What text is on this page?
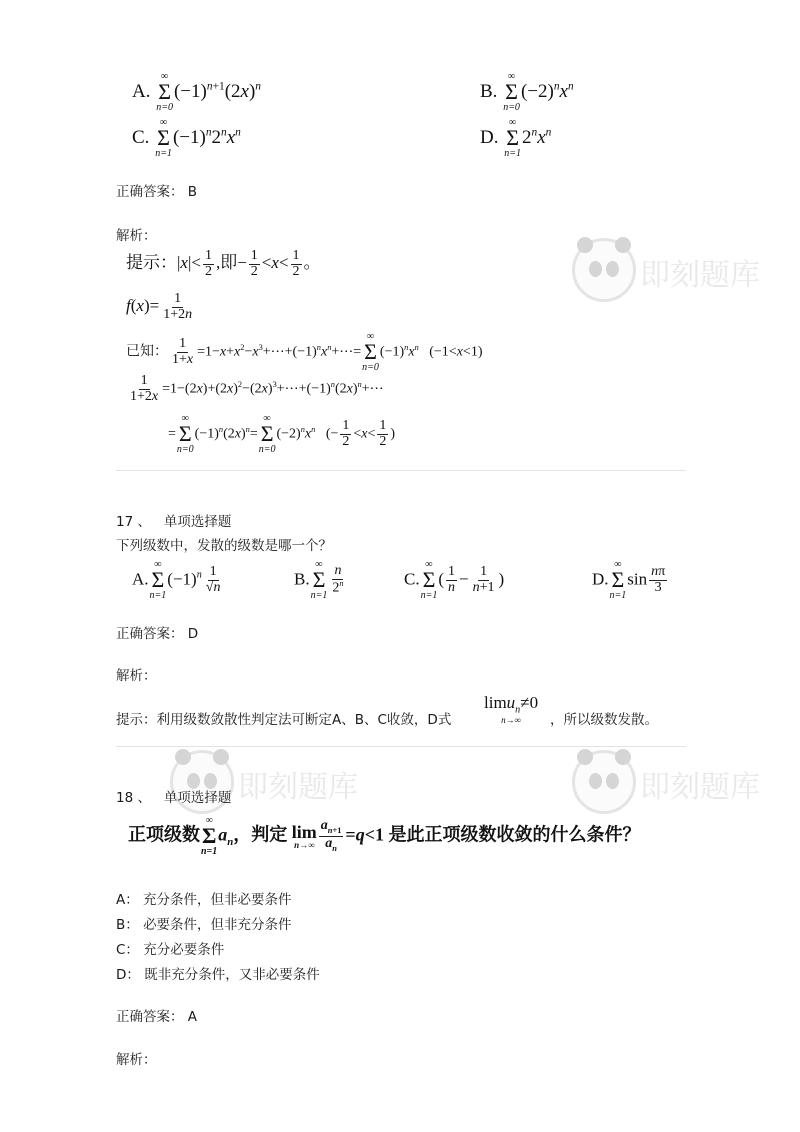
即刻题库
即刻题库	即刻题库
A.
∞
Σ
n=0
$(-1)^{n+1}(2x)^n$	B.
∞
Σ
n=0
$(-2)^nx^n$
C.
∞
Σ
n=1
$(-1)^n2^nx^n$	D.
∞
Σ
n=1
$2^nx^n$
正确答案： B
解析：
提示：$|x|< \frac{1}{2}$ ,即− $\frac{1}{2} <x< \frac{1}{2}$ 。
$f(x)= \frac{1}{1+2n}$
已知： $\frac{1}{1+x}$ $=1-x+x^2-x^3+\cdots+(-1)^nx^n+\cdots=$
∞
Σ
n=0
$(-1)^nx^n$   (−1<x<1)
$\frac{1}{1+2x}$ $=1-(2x)+(2x)^2-(2x)^3+\cdots+(-1)^n(2x)^n+\cdots$
=
∞
Σ
n=0
$(-1)^n(2x)^n=$
∞
Σ
n=0
$(-2)^nx^n$   (− $\frac{1}{2} <x< \frac{1}{2}$ )
17 、 单项选择题
下列级数中，发散的级数是哪一个？
A.
∞
Σ
n=1
$(-1)^n \frac{1}{√n}$	B.
∞
Σ
$n=1 \frac{n}{2^n}$	C.
∞
Σ
n=1
( $\frac{1}{n} - \frac{1}{n+1}$ )	D.
∞
Σ
n=1
$\sin \frac{n\pi}{3}$
正确答案： D
解析：
提示：利用级数敛散性判定法可断定A、B、C收敛，D式
limu$_n$≠0
n→∞ ，所以级数发散。
18 、 单项选择题
正项级数
∞
Σ
n=1
$a_n$，判定 lim
$n\to\infty \frac{a_{n+1}}{a_n} =q<1$ 是此正项级数收敛的什么条件？
A： 充分条件，但非必要条件
B： 必要条件，但非充分条件
C： 充分必要条件
D： 既非充分条件，又非必要条件
正确答案： A
解析：
